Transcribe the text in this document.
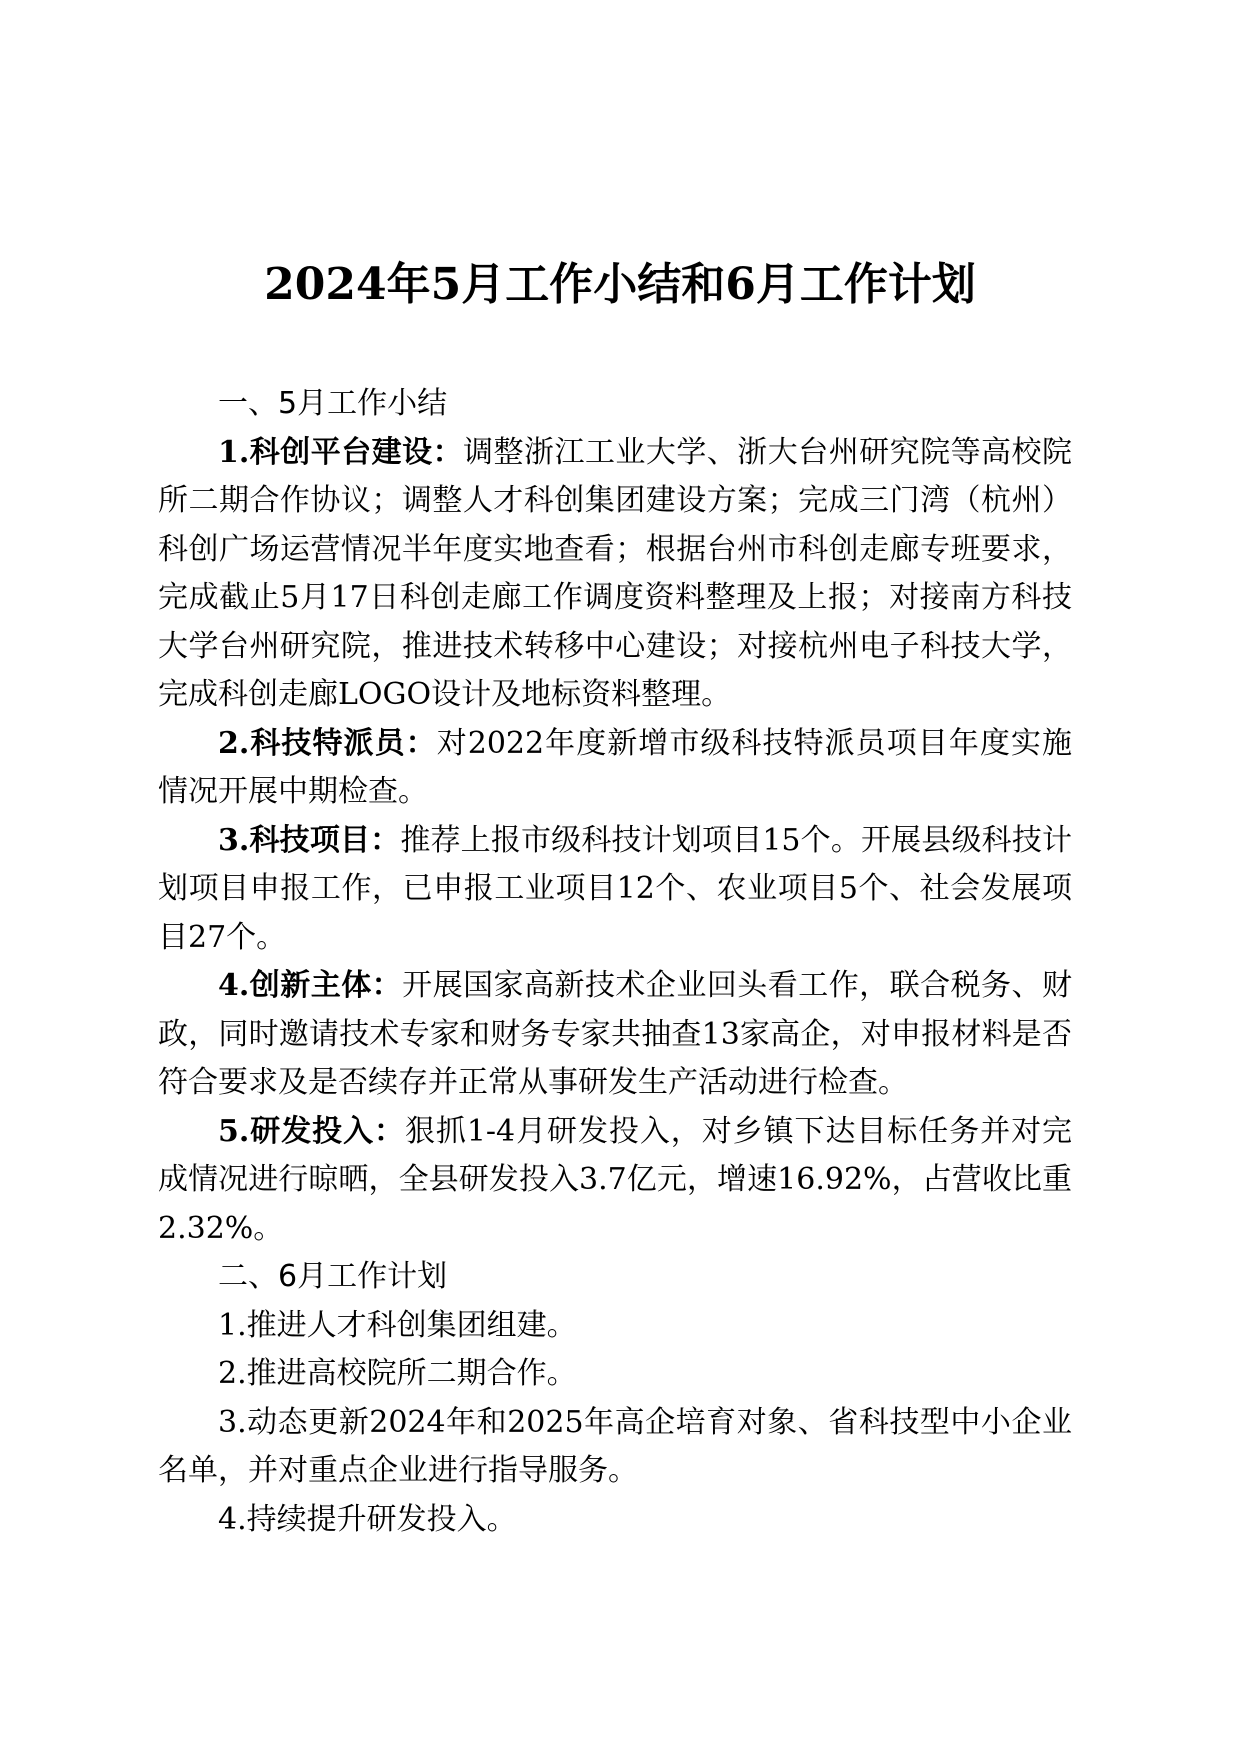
2024年5月工作小结和6月工作计划

一、5月工作小结

1.科创平台建设：调整浙江工业大学、浙大台州研究院等高校院所二期合作协议；调整人才科创集团建设方案；完成三门湾（杭州）科创广场运营情况半年度实地查看；根据台州市科创走廊专班要求，完成截止5月17日科创走廊工作调度资料整理及上报；对接南方科技大学台州研究院，推进技术转移中心建设；对接杭州电子科技大学，完成科创走廊LOGO设计及地标资料整理。

2.科技特派员：对2022年度新增市级科技特派员项目年度实施情况开展中期检查。

3.科技项目：推荐上报市级科技计划项目15个。开展县级科技计划项目申报工作，已申报工业项目12个、农业项目5个、社会发展项目27个。

4.创新主体：开展国家高新技术企业回头看工作，联合税务、财政，同时邀请技术专家和财务专家共抽查13家高企，对申报材料是否符合要求及是否续存并正常从事研发生产活动进行检查。

5.研发投入：狠抓1-4月研发投入，对乡镇下达目标任务并对完成情况进行晾晒，全县研发投入3.7亿元，增速16.92%，占营收比重2.32%。

二、6月工作计划

1.推进人才科创集团组建。

2.推进高校院所二期合作。

3.动态更新2024年和2025年高企培育对象、省科技型中小企业名单，并对重点企业进行指导服务。

4.持续提升研发投入。
